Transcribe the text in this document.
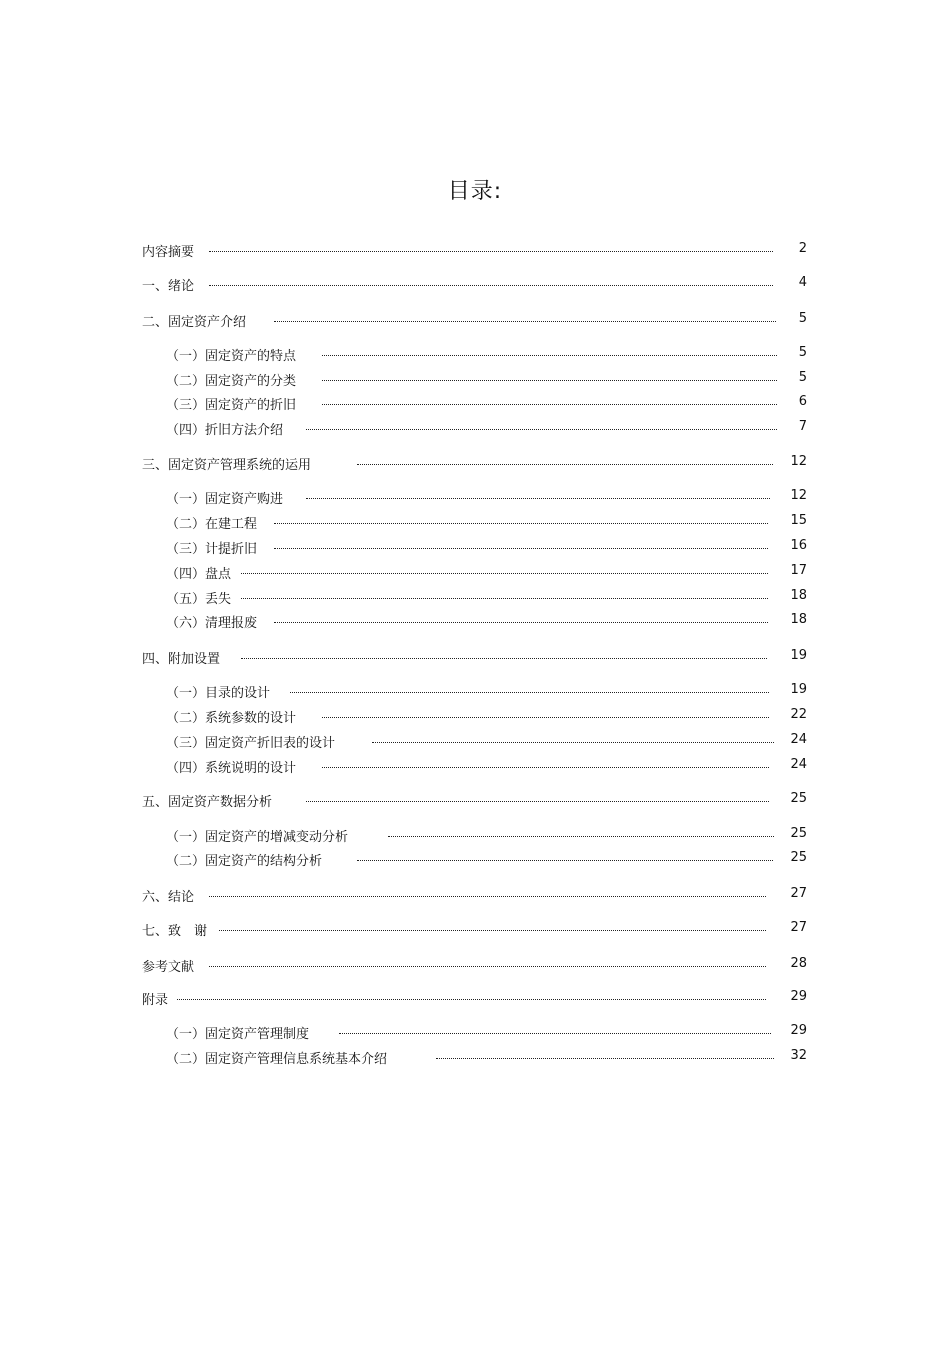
目录:
内容摘要	2
一、绪论	4
二、固定资产介绍	5
（一）固定资产的特点	5
（二）固定资产的分类	5
（三）固定资产的折旧	6
（四）折旧方法介绍	7
三、固定资产管理系统的运用	12
（一）固定资产购进	12
（二）在建工程	15
（三）计提折旧	16
（四）盘点	17
（五）丢失	18
（六）清理报废	18
四、附加设置	19
（一）目录的设计	19
（二）系统参数的设计	22
（三）固定资产折旧表的设计	24
（四）系统说明的设计	24
五、固定资产数据分析	25
（一）固定资产的增减变动分析	25
（二）固定资产的结构分析	25
六、结论	27
七、致　谢	27
参考文献	28
附录	29
（一）固定资产管理制度	29
（二）固定资产管理信息系统基本介绍	32
